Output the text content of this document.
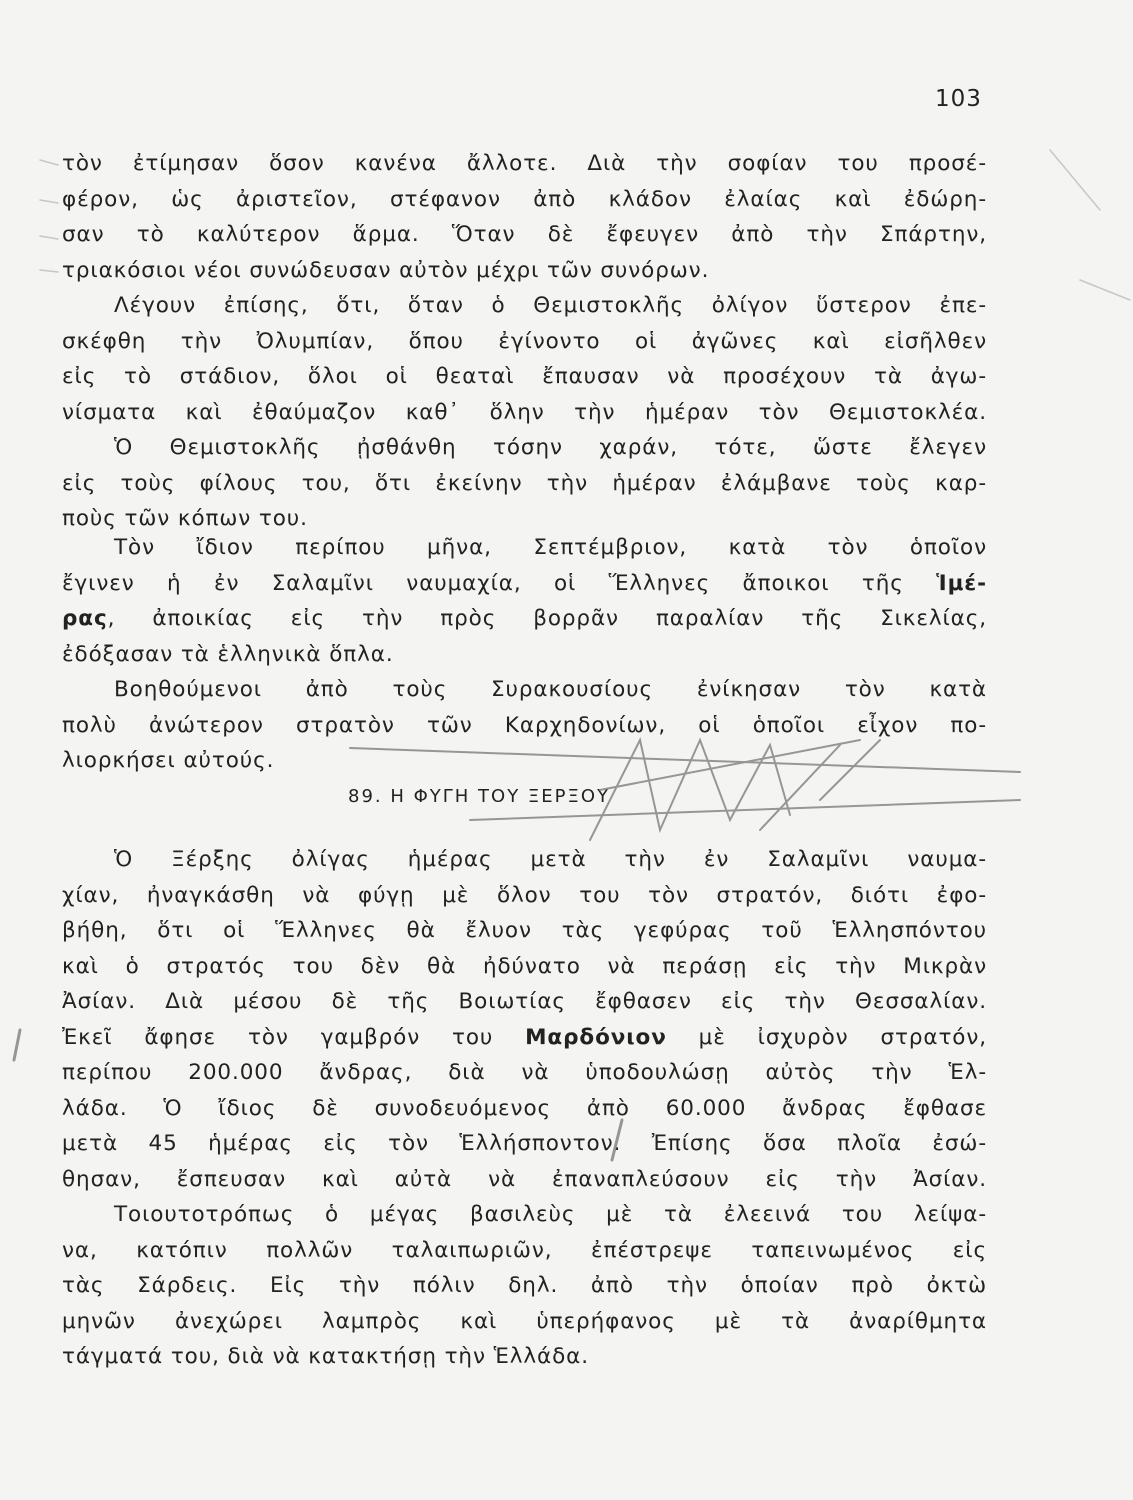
103
τὸν ἐτίμησαν ὅσον κανένα ἄλλοτε. Διὰ τὴν σοφίαν του προσέ-
φέρον, ὡς ἀριστεῖον, στέφανον ἀπὸ κλάδον ἐλαίας καὶ ἐδώρη-
σαν τὸ καλύτερον ἅρμα. Ὅταν δὲ ἔφευγεν ἀπὸ τὴν Σπάρτην,
τριακόσιοι νέοι συνώδευσαν αὐτὸν μέχρι τῶν συνόρων.
Λέγουν ἐπίσης, ὅτι, ὅταν ὁ Θεμιστοκλῆς ὀλίγον ὕστερον ἐπε-
σκέφθη τὴν Ὀλυμπίαν, ὅπου ἐγίνοντο οἱ ἀγῶνες καὶ εἰσῆλθεν
εἰς τὸ στάδιον, ὅλοι οἱ θεαταὶ ἔπαυσαν νὰ προσέχουν τὰ ἀγω-
νίσματα καὶ ἐθαύμαζον καθ᾽ ὅλην τὴν ἡμέραν τὸν Θεμιστοκλέα.
Ὁ Θεμιστοκλῆς ᾐσθάνθη τόσην χαράν, τότε, ὥστε ἔλεγεν
εἰς τοὺς φίλους του, ὅτι ἐκείνην τὴν ἡμέραν ἐλάμβανε τοὺς καρ-
ποὺς τῶν κόπων του.
Τὸν ἴδιον περίπου μῆνα, Σεπτέμβριον, κατὰ τὸν ὁποῖον
ἔγινεν ἡ ἐν Σαλαμῖνι ναυμαχία, οἱ Ἕλληνες ἄποικοι τῆς Ἱμέ-
ρας, ἀποικίας εἰς τὴν πρὸς βορρᾶν παραλίαν τῆς Σικελίας,
ἐδόξασαν τὰ ἑλληνικὰ ὅπλα.
Βοηθούμενοι ἀπὸ τοὺς Συρακουσίους ἐνίκησαν τὸν κατὰ
πολὺ ἀνώτερον στρατὸν τῶν Καρχηδονίων, οἱ ὁποῖοι εἶχον πο-
λιορκήσει αὐτούς.
89. Η ΦΥΓΗ ΤΟΥ ΞΕΡΞΟΥ
Ὁ Ξέρξης ὀλίγας ἡμέρας μετὰ τὴν ἐν Σαλαμῖνι ναυμα-
χίαν, ἠναγκάσθη νὰ φύγῃ μὲ ὅλον του τὸν στρατόν, διότι ἐφο-
βήθη, ὅτι οἱ Ἕλληνες θὰ ἔλυον τὰς γεφύρας τοῦ Ἑλλησπόντου
καὶ ὁ στρατός του δὲν θὰ ἠδύνατο νὰ περάσῃ εἰς τὴν Μικρὰν
Ἀσίαν. Διὰ μέσου δὲ τῆς Βοιωτίας ἔφθασεν εἰς τὴν Θεσσαλίαν.
Ἐκεῖ ἄφησε τὸν γαμβρόν του Μαρδόνιον μὲ ἰσχυρὸν στρατόν,
περίπου 200.000 ἄνδρας, διὰ νὰ ὑποδουλώσῃ αὐτὸς τὴν Ἑλ-
λάδα. Ὁ ἴδιος δὲ συνοδευόμενος ἀπὸ 60.000 ἄνδρας ἔφθασε
μετὰ 45 ἡμέρας εἰς τὸν Ἑλλήσποντον. Ἐπίσης ὅσα πλοῖα ἐσώ-
θησαν, ἔσπευσαν καὶ αὐτὰ νὰ ἐπαναπλεύσουν εἰς τὴν Ἀσίαν.
Τοιουτοτρόπως ὁ μέγας βασιλεὺς μὲ τὰ ἐλεεινά του λείψα-
να, κατόπιν πολλῶν ταλαιπωριῶν, ἐπέστρεψε ταπεινωμένος εἰς
τὰς Σάρδεις. Εἰς τὴν πόλιν δηλ. ἀπὸ τὴν ὁποίαν πρὸ ὀκτὼ
μηνῶν ἀνεχώρει λαμπρὸς καὶ ὑπερήφανος μὲ τὰ ἀναρίθμητα
τάγματά του, διὰ νὰ κατακτήσῃ τὴν Ἑλλάδα.
